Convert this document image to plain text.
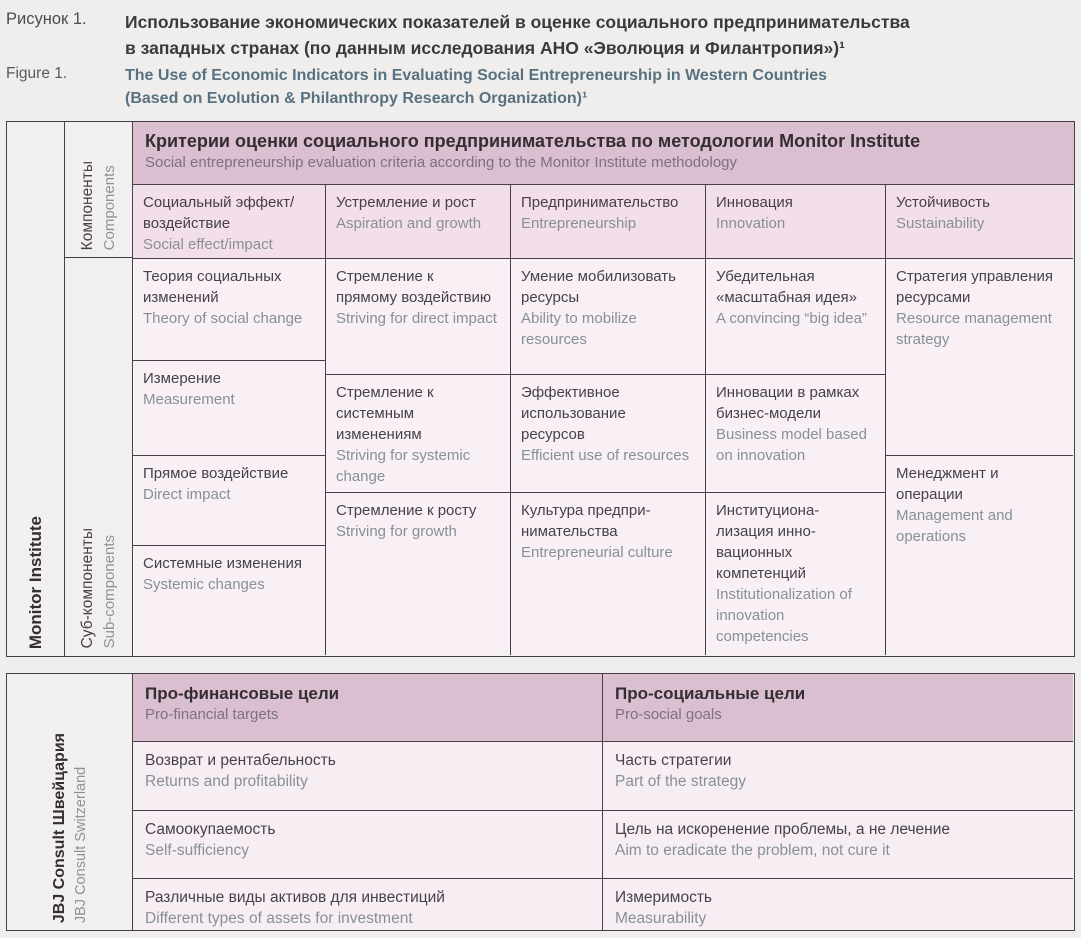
Рисунок 1.	Использование экономических показателей в оценке социального предпринимательства
в западных странах (по данным исследования АНО «Эволюция и Филантропия»)¹
Figure 1.	The Use of Economic Indicators in Evaluating Social Entrepreneurship in Western Countries
(Based on Evolution & Philanthropy Research Organization)¹
Monitor Institute
Компоненты Components
Суб-компоненты Sub-components
Критерии оценки социального предпринимательства по методологии Monitor Institute
Social entrepreneurship evaluation criteria according to the Monitor Institute methodology
Социальный эффект/воздействие
Social effect/impact
Теория социальных изменений
Theory of social change
Измерение
Measurement
Прямое воздействие
Direct impact
Системные изменения
Systemic changes
Устремление и рост
Aspiration and growth
Стремление к прямому воздействию
Striving for direct impact
Стремление к системным изменениям
Striving for systemic change
Стремление к росту
Striving for growth
Предпринимательство
Entrepreneurship
Умение мобилизовать ресурсы
Ability to mobilize resources
Эффективное использование ресурсов
Efficient use of resources
Культура предпри-нимательства
Entrepreneurial culture
Инновация
Innovation
Убедительная «масштабная идея»
A convincing “big idea”
Инновации в рамках бизнес-модели
Business model based on innovation
Институциона-лизация инно-вационных компетенций
Institutionalization of innovation competencies
Устойчивость
Sustainability
Стратегия управления ресурсами
Resource management strategy
Менеджмент и операции
Management and operations
JBJ Consult Швейцария JBJ Consult Switzerland
Про-финансовые цели
Pro-financial targets
Возврат и рентабельность
Returns and profitability
Самоокупаемость
Self-sufficiency
Различные виды активов для инвестиций
Different types of assets for investment
Про-социальные цели
Pro-social goals
Часть стратегии
Part of the strategy
Цель на искоренение проблемы, а не лечение
Aim to eradicate the problem, not cure it
Измеримость
Measurability
